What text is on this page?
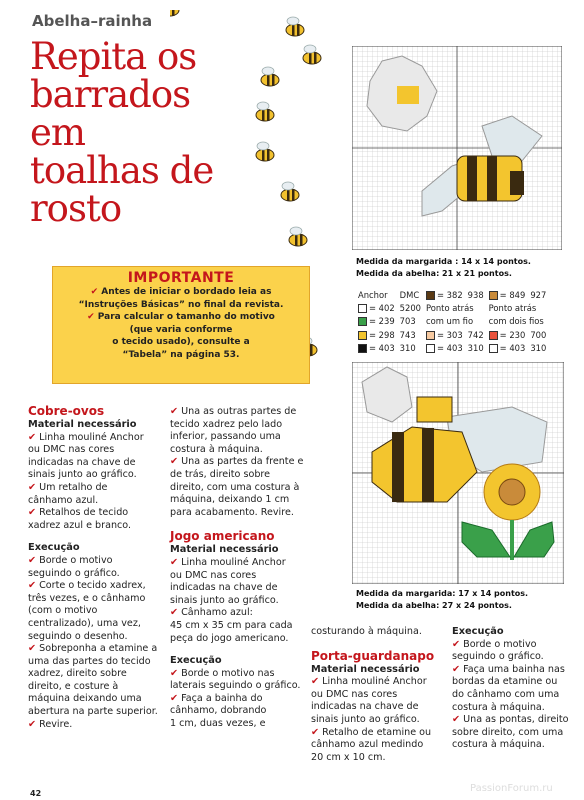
Abelha–rainha
Repita os barrados em toalhas de rosto
IMPORTANTE
✔ Antes de iniciar o bordado leia as
“Instruções Básicas” no final da revista.
✔ Para calcular o tamanho do motivo
(que varia conforme
o tecido usado), consulte a
“Tabela” na página 53.
Medida da margarida : 14 x 14 pontos.
Medida da abelha: 21 x 21 pontos.
Anchor	DMC	= 382	938	= 849	927
= 402	5200	Ponto atrás		Ponto atrás	
= 239	703	com um fio		com dois fios	
= 298	743	= 303	742	= 230	700
= 403	310	= 403	310	= 403	310
Medida da margarida: 17 x 14 pontos.
Medida da abelha: 27 x 24 pontos.
Cobre-ovos
Material necessário
✔ Linha mouliné Anchor
ou DMC nas cores
indicadas na chave de
sinais junto ao gráfico.
✔ Um retalho de
cânhamo azul.
✔ Retalhos de tecido
xadrez azul e branco.
Execução
✔ Borde o motivo
seguindo o gráfico.
✔ Corte o tecido xadrex,
três vezes, e o cânhamo
(com o motivo
centralizado), uma vez,
seguindo o desenho.
✔ Sobreponha a etamine a
uma das partes do tecido
xadrez, direito sobre
direito, e costure à
máquina deixando uma
abertura na parte superior.
✔ Revire.
✔ Una as outras partes de
tecido xadrez pelo lado
inferior, passando uma
costura à máquina.
✔ Una as partes da frente e
de trás, direito sobre
direito, com uma costura à
máquina, deixando 1 cm
para acabamento. Revire.
Jogo americano
Material necessário
✔ Linha mouliné Anchor
ou DMC nas cores
indicadas na chave de
sinais junto ao gráfico.
✔ Cânhamo azul:
45 cm x 35 cm para cada
peça do jogo americano.
Execução
✔ Borde o motivo nas
laterais seguindo o gráfico.
✔ Faça a bainha do
cânhamo, dobrando
1 cm, duas vezes, e
costurando à máquina.
Porta-guardanapo
Material necessário
✔ Linha mouliné Anchor
ou DMC nas cores
indicadas na chave de
sinais junto ao gráfico.
✔ Retalho de etamine ou
cânhamo azul medindo
20 cm x 10 cm.
Execução
✔ Borde o motivo
seguindo o gráfico.
✔ Faça uma bainha nas
bordas da etamine ou
do cânhamo com uma
costura à máquina.
✔ Una as pontas, direito
sobre direito, com uma
costura à máquina.
42	PassionForum.ru
